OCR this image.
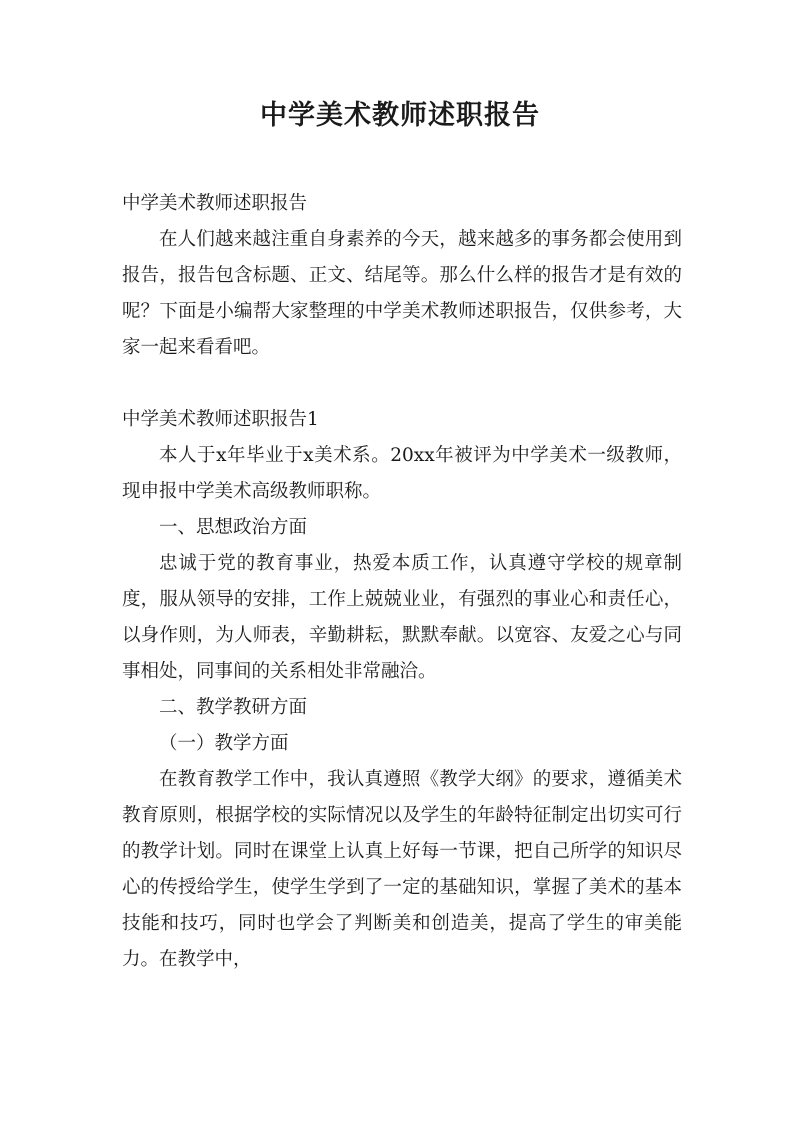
中学美术教师述职报告

中学美术教师述职报告

在人们越来越注重自身素养的今天，越来越多的事务都会使用到报告，报告包含标题、正文、结尾等。那么什么样的报告才是有效的呢？下面是小编帮大家整理的中学美术教师述职报告，仅供参考，大家一起来看看吧。

中学美术教师述职报告1

本人于x年毕业于x美术系。20xx年被评为中学美术一级教师，现申报中学美术高级教师职称。

一、思想政治方面

忠诚于党的教育事业，热爱本质工作，认真遵守学校的规章制度，服从领导的安排，工作上兢兢业业，有强烈的事业心和责任心，以身作则，为人师表，辛勤耕耘，默默奉献。以宽容、友爱之心与同事相处，同事间的关系相处非常融洽。

二、教学教研方面

（一）教学方面

在教育教学工作中，我认真遵照《教学大纲》的要求，遵循美术教育原则，根据学校的实际情况以及学生的年龄特征制定出切实可行的教学计划。同时在课堂上认真上好每一节课，把自己所学的知识尽心的传授给学生，使学生学到了一定的基础知识，掌握了美术的基本技能和技巧，同时也学会了判断美和创造美，提高了学生的审美能力。在教学中，
